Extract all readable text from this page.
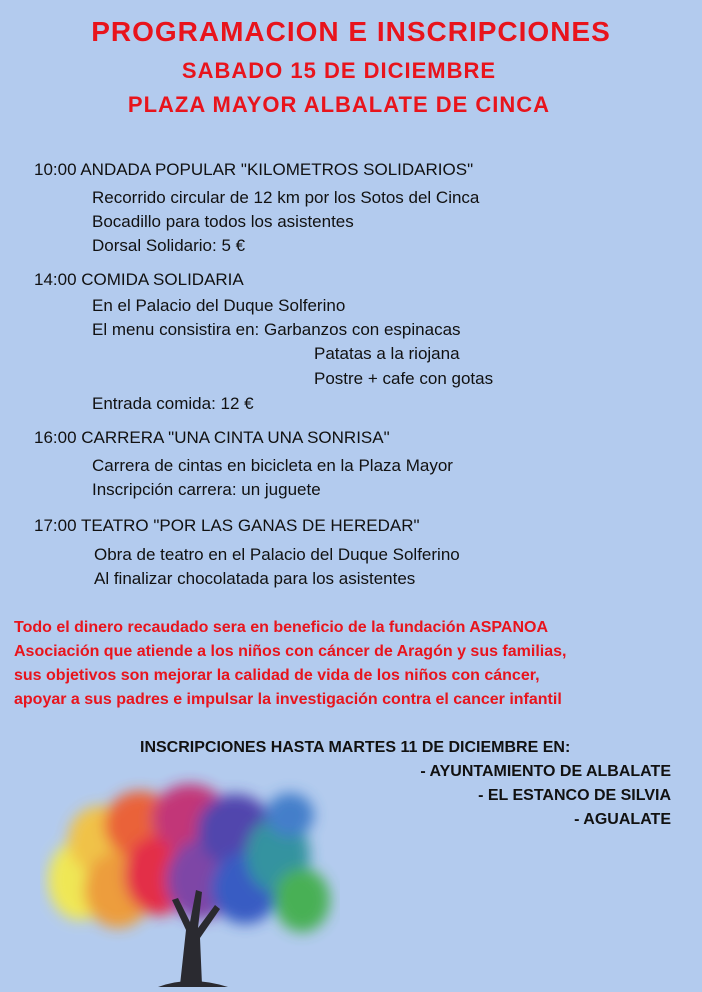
PROGRAMACION E INSCRIPCIONES
SABADO 15 DE DICIEMBRE
PLAZA MAYOR ALBALATE DE CINCA

10:00 ANDADA POPULAR "KILOMETROS SOLIDARIOS"

Recorrido circular de 12 km por los Sotos del Cinca

Bocadillo para todos los asistentes

Dorsal Solidario: 5 €

14:00 COMIDA SOLIDARIA

En el Palacio del Duque Solferino

El menu consistira en: Garbanzos con espinacas

Patatas a la riojana

Postre + cafe con gotas

Entrada comida: 12 €

16:00 CARRERA "UNA CINTA UNA SONRISA"

Carrera de cintas en bicicleta en la Plaza Mayor

Inscripción carrera: un juguete

17:00 TEATRO "POR LAS GANAS DE HEREDAR"

Obra de teatro en el Palacio del Duque Solferino

Al finalizar chocolatada para los asistentes

Todo el dinero recaudado sera en beneficio de la fundación ASPANOA

Asociación que atiende a los niños con cáncer de Aragón y sus familias,

sus objetivos son mejorar la calidad de vida de los niños con cáncer,

apoyar a sus padres e impulsar la investigación contra el cancer infantil

INSCRIPCIONES HASTA MARTES 11 DE DICIEMBRE EN:

- AYUNTAMIENTO DE ALBALATE

- EL ESTANCO DE SILVIA

- AGUALATE
